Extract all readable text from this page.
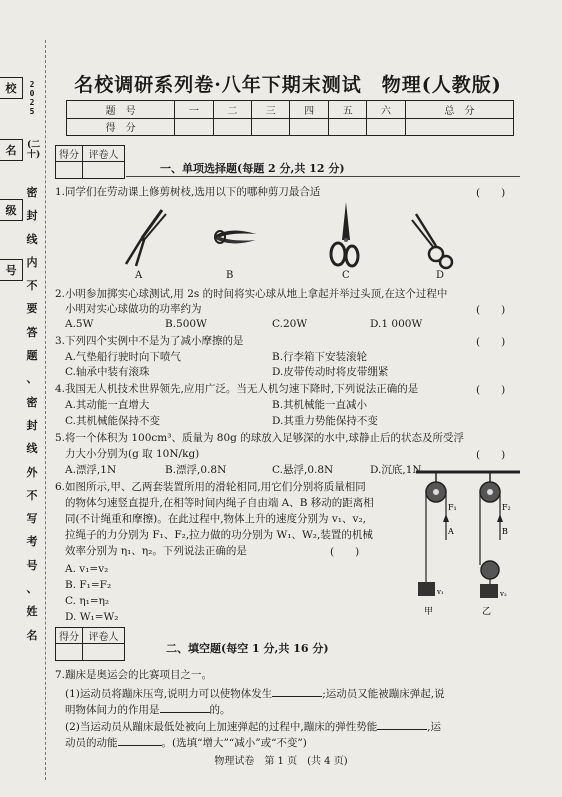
校
名
级
号
2
0
2
5
(二十)
密
封
线
内
不
要
答
题
、
密
封
线
外
不
写
考
号
、
姓
名
名校调研系列卷·八年下期末测试　物理(人教版)
题　号	一	二	三	四	五	六	总　分
得　分							
得分	评卷人

一、单项选择题(每题 2 分,共 12 分)
1.同学们在劳动课上修剪树枝,选用以下的哪种剪刀最合适	(　　)
A	B	C	D
2.小明参加掷实心球测试,用 2s 的时间将实心球从地上拿起并举过头顶,在这个过程中
小明对实心球做功的功率约为	(　　)
A.5W	B.500W	C.20W	D.1 000W
3.下列四个实例中不是为了减小摩擦的是	(　　)
A.气垫船行驶时向下喷气	B.行李箱下安装滚轮
C.轴承中装有滚珠	D.皮带传动时将皮带绷紧
4.我国无人机技术世界领先,应用广泛。当无人机匀速下降时,下列说法正确的是	(　　)
A.其动能一直增大	B.其机械能一直减小
C.其机械能保持不变	D.其重力势能保持不变
5.将一个体积为 100cm³、质量为 80g 的球放入足够深的水中,球静止后的状态及所受浮
力大小分别为(g 取 10N/kg)	(　　)
A.漂浮,1N	B.漂浮,0.8N	C.悬浮,0.8N	D.沉底,1N
6.如图所示,甲、乙两套装置所用的滑轮相同,用它们分别将质量相同
的物体匀速竖直提升,在相等时间内绳子自由端 A、B 移动的距离相
同(不计绳重和摩擦)。在此过程中,物体上升的速度分别为 v₁、v₂,
拉绳子的力分别为 F₁、F₂,拉力做的功分别为 W₁、W₂,装置的机械
效率分别为 η₁、η₂。下列说法正确的是	(　　)
A. v₁=v₂
B. F₁=F₂
C. η₁=η₂
D. W₁=W₂
F₁
A
F₂
B
v₁	v₂
甲	乙
得分	评卷人

二、填空题(每空 1 分,共 16 分)
7.蹦床是奥运会的比赛项目之一。
(1)运动员将蹦床压弯,说明力可以使物体发生	;运动员又能被蹦床弹起,说
明物体间力的作用是	的。
(2)当运动员从蹦床最低处被向上加速弹起的过程中,蹦床的弹性势能	,运
动员的动能	。(选填“增大”“减小”或“不变”)
物理试卷　第 1 页　(共 4 页)
